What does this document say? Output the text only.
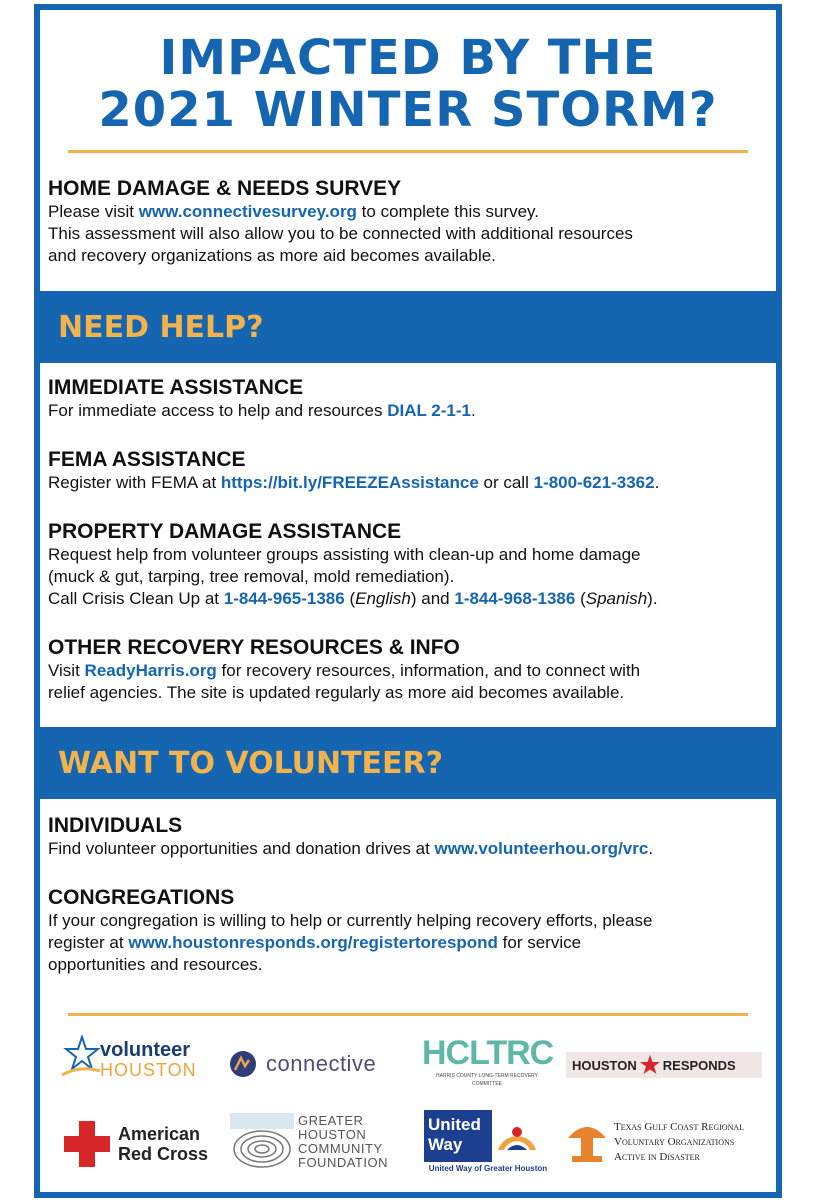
IMPACTED BY THE
2021 WINTER STORM?
HOME DAMAGE & NEEDS SURVEY

Please visit www.connectivesurvey.org to complete this survey.

This assessment will also allow you to be connected with additional resources

and recovery organizations as more aid becomes available.

NEED HELP?
IMMEDIATE ASSISTANCE

For immediate access to help and resources DIAL 2-1-1.

FEMA ASSISTANCE

Register with FEMA at https://bit.ly/FREEZEAssistance or call 1-800-621-3362.

PROPERTY DAMAGE ASSISTANCE

Request help from volunteer groups assisting with clean-up and home damage

(muck & gut, tarping, tree removal, mold remediation).

Call Crisis Clean Up at 1-844-965-1386 (English) and 1-844-968-1386 (Spanish).

OTHER RECOVERY RESOURCES & INFO

Visit ReadyHarris.org for recovery resources, information, and to connect with

relief agencies. The site is updated regularly as more aid becomes available.

WANT TO VOLUNTEER?
INDIVIDUALS

Find volunteer opportunities and donation drives at www.volunteerhou.org/vrc.

CONGREGATIONS

If your congregation is willing to help or currently helping recovery efforts, please

register at www.houstonresponds.org/registertorespond for service

opportunities and resources.

volunteer
HOUSTON	connective HCLTRC
HARRIS COUNTY LONG-TERM RECOVERY COMMITTEE
HOUSTON RESPONDS
American
Red Cross
GREATER
HOUSTON
COMMUNITY
FOUNDATION
United
Way
United Way of Greater Houston
Texas Gulf Coast Regional
Voluntary Organizations
Active in Disaster
